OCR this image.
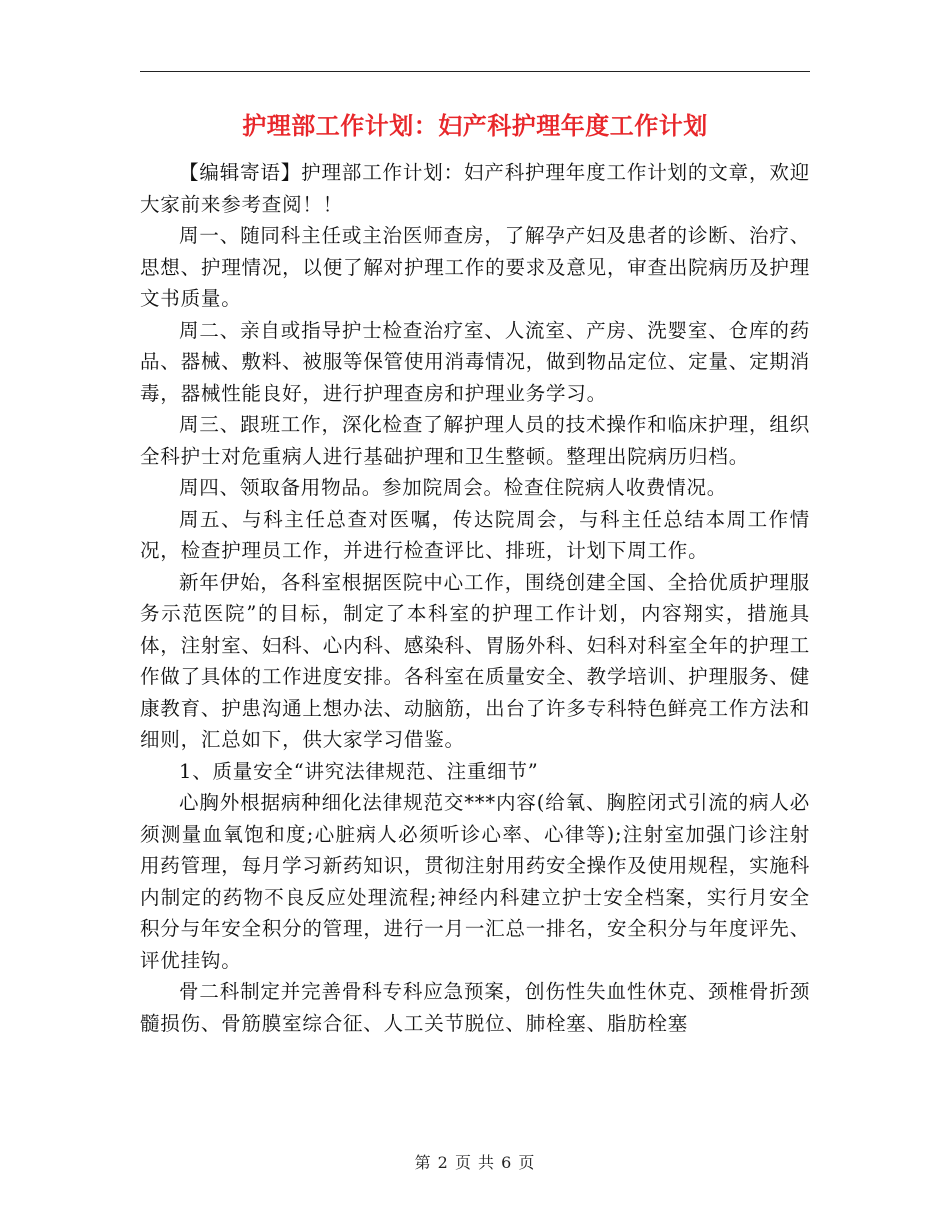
护理部工作计划：妇产科护理年度工作计划

【编辑寄语】护理部工作计划：妇产科护理年度工作计划的文章，欢迎大家前来参考查阅！！

周一、随同科主任或主治医师查房，了解孕产妇及患者的诊断、治疗、思想、护理情况，以便了解对护理工作的要求及意见，审查出院病历及护理文书质量。

周二、亲自或指导护士检查治疗室、人流室、产房、洗婴室、仓库的药品、器械、敷料、被服等保管使用消毒情况，做到物品定位、定量、定期消毒，器械性能良好，进行护理查房和护理业务学习。

周三、跟班工作，深化检查了解护理人员的技术操作和临床护理，组织全科护士对危重病人进行基础护理和卫生整顿。整理出院病历归档。

周四、领取备用物品。参加院周会。检查住院病人收费情况。

周五、与科主任总查对医嘱，传达院周会，与科主任总结本周工作情况，检查护理员工作，并进行检查评比、排班，计划下周工作。

新年伊始，各科室根据医院中心工作，围绕创建全国、全拾优质护理服务示范医院”的目标，制定了本科室的护理工作计划，内容翔实，措施具体，注射室、妇科、心内科、感染科、胃肠外科、妇科对科室全年的护理工作做了具体的工作进度安排。各科室在质量安全、教学培训、护理服务、健康教育、护患沟通上想办法、动脑筋，出台了许多专科特色鲜亮工作方法和细则，汇总如下，供大家学习借鉴。

1、质量安全“讲究法律规范、注重细节”

心胸外根据病种细化法律规范交***内容(给氧、胸腔闭式引流的病人必须测量血氧饱和度;心脏病人必须听诊心率、心律等);注射室加强门诊注射用药管理，每月学习新药知识，贯彻注射用药安全操作及使用规程，实施科内制定的药物不良反应处理流程;神经内科建立护士安全档案，实行月安全积分与年安全积分的管理，进行一月一汇总一排名，安全积分与年度评先、评优挂钩。

骨二科制定并完善骨科专科应急预案，创伤性失血性休克、颈椎骨折颈髓损伤、骨筋膜室综合征、人工关节脱位、肺栓塞、脂肪栓塞

第 2 页 共 6 页
